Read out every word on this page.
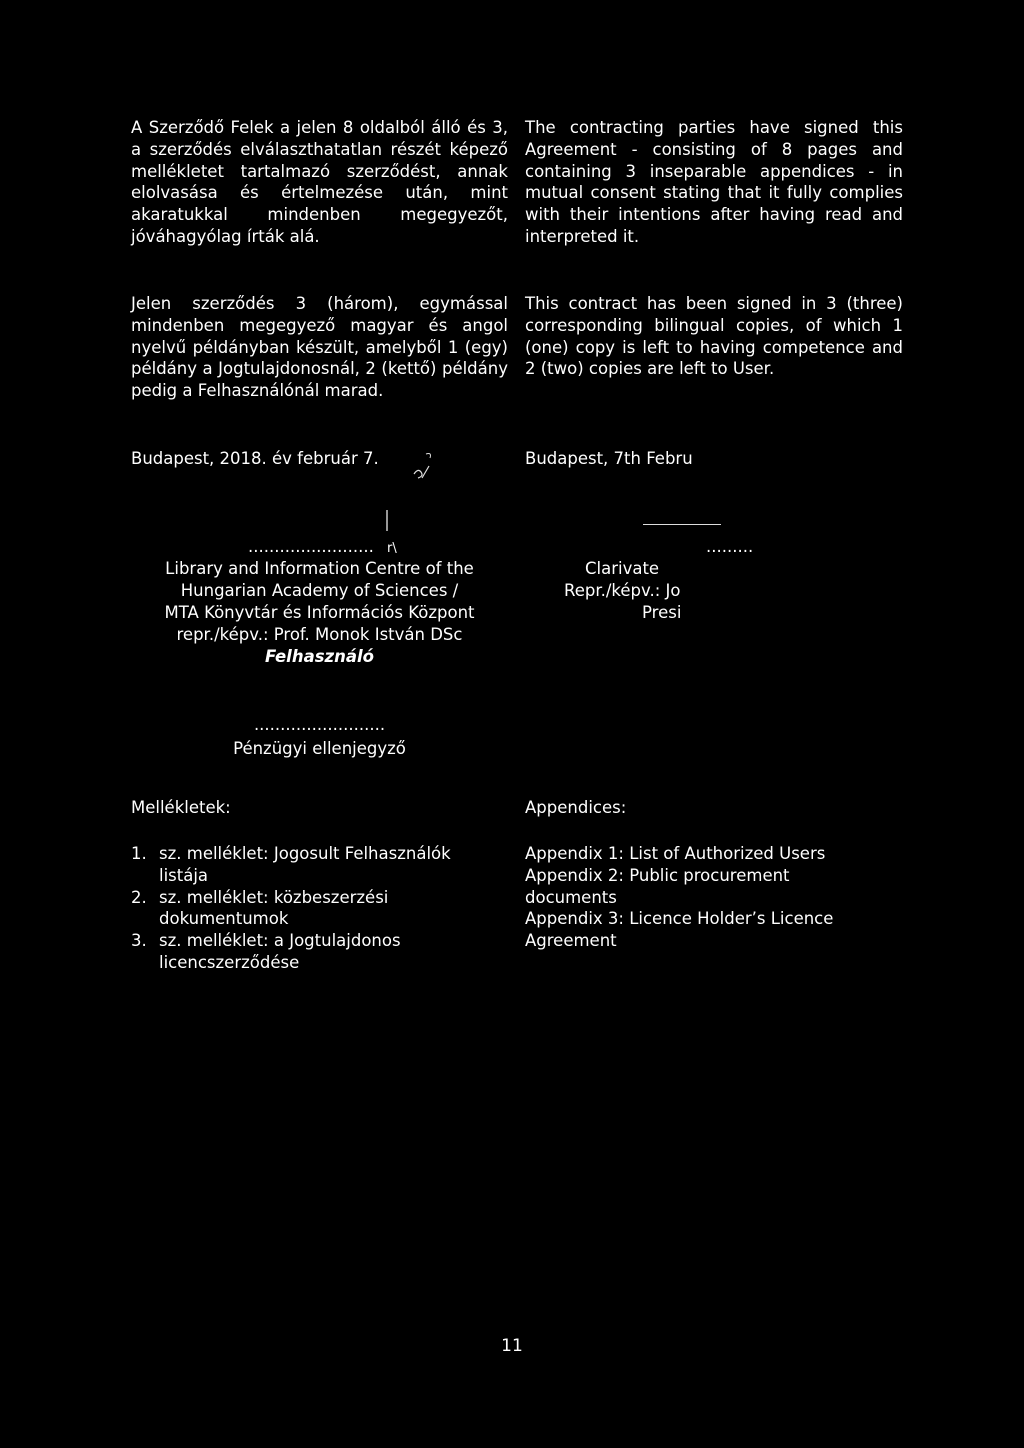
A Szerződő Felek a jelen 8 oldalból álló és 3, a szerződés elválaszthatatlan részét képező mellékletet tartalmazó szerződést, annak elolvasása és értelmezése után, mint akaratukkal mindenben megegyezőt, jóváhagyólag írták alá.
The contracting parties have signed this Agreement - consisting of 8 pages and containing 3 inseparable appendices - in mutual consent stating that it fully complies with their intentions after having read and interpreted it.
Jelen szerződés 3 (három), egymással mindenben megegyező magyar és angol nyelvű példányban készült, amelyből 1 (egy) példány a Jogtulajdonosnál, 2 (kettő) példány pedig a Felhasználónál marad.
This contract has been signed in 3 (three) corresponding bilingual copies, of which 1 (one) copy is left to having competence and 2 (two) copies are left to User.
Budapest, 2018. év február 7.	Budapest, 7th Febru
........................ r\
Library and Information Centre of the
Hungarian Academy of Sciences /
MTA Könyvtár és Információs Központ
repr./képv.: Prof. Monok István DSc
Felhasználó
.........
Clarivate
Repr./képv.: Jo
Presi
.........................
Pénzügyi ellenjegyző
Mellékletek:	Appendices:
1. sz. melléklet: Jogosult Felhasználók listája
2. sz. melléklet: közbeszerzési dokumentumok
3. sz. melléklet: a Jogtulajdonos licencszerződése
Appendix 1: List of Authorized Users
Appendix 2: Public procurement documents
Appendix 3: Licence Holder’s Licence Agreement
11
